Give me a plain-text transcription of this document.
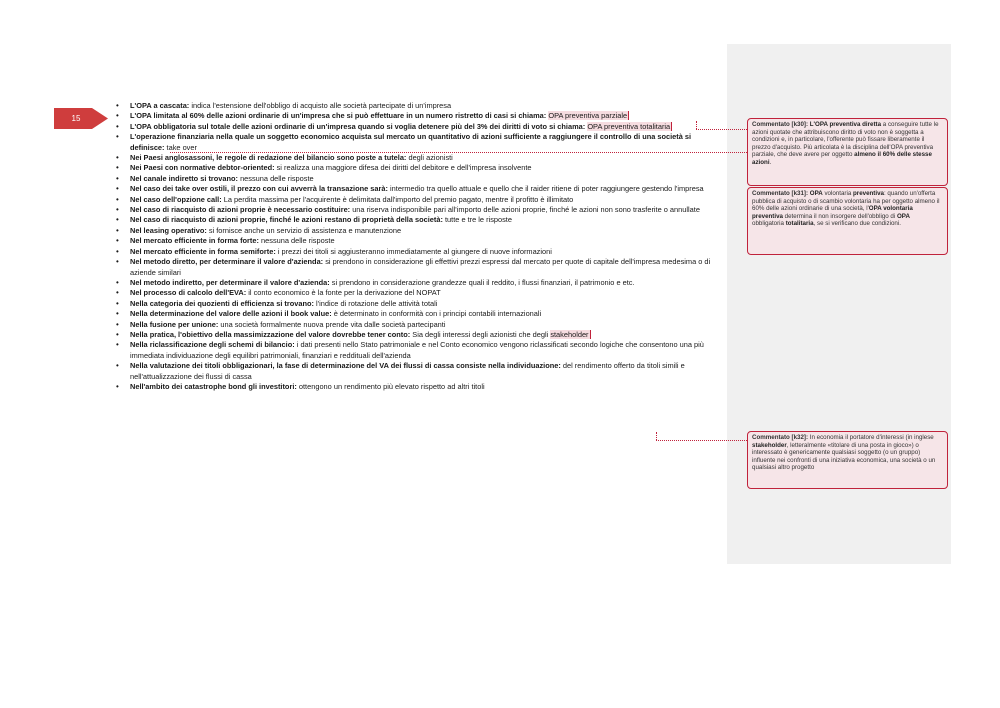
15
• L'OPA a cascata: indica l'estensione dell'obbligo di acquisto alle società partecipate di un'impresa
• L'OPA limitata al 60% delle azioni ordinarie di un'impresa che si può effettuare in un numero ristretto di casi si chiama: OPA preventiva parziale
• L'OPA obbligatoria sul totale delle azioni ordinarie di un'impresa quando si voglia detenere più del 3% dei diritti di voto si chiama: OPA preventiva totalitaria
• L'operazione finanziaria nella quale un soggetto economico acquista sul mercato un quantitativo di azioni sufficiente a raggiungere il controllo di una società si definisce: take over
• Nei Paesi anglosassoni, le regole di redazione del bilancio sono poste a tutela: degli azionisti
• Nei Paesi con normative debtor-oriented: si realizza una maggiore difesa dei diritti del debitore e dell'impresa insolvente
• Nel canale indiretto si trovano: nessuna delle risposte
• Nel caso dei take over ostili, il prezzo con cui avverrà la transazione sarà: intermedio tra quello attuale e quello che il raider ritiene di poter raggiungere gestendo l'impresa
• Nel caso dell'opzione call: La perdita massima per l'acquirente è delimitata dall'importo del premio pagato, mentre il profitto è illimitato
• Nel caso di riacquisto di azioni proprie è necessario costituire: una riserva indisponibile pari all'importo delle azioni proprie, finché le azioni non sono trasferite o annullate
• Nel caso di riacquisto di azioni proprie, finché le azioni restano di proprietà della società: tutte e tre le risposte
• Nel leasing operativo: si fornisce anche un servizio di assistenza e manutenzione
• Nel mercato efficiente in forma forte: nessuna delle risposte
• Nel mercato efficiente in forma semiforte: i prezzi dei titoli si aggiusteranno immediatamente al giungere di nuove informazioni
• Nel metodo diretto, per determinare il valore d'azienda: si prendono in considerazione gli effettivi prezzi espressi dal mercato per quote di capitale dell'impresa medesima o di aziende similari
• Nel metodo indiretto, per determinare il valore d'azienda: si prendono in considerazione grandezze quali il reddito, i flussi finanziari, il patrimonio e etc.
• Nel processo di calcolo dell'EVA: il conto economico è la fonte per la derivazione del NOPAT
• Nella categoria dei quozienti di efficienza si trovano: l'indice di rotazione delle attività totali
• Nella determinazione del valore delle azioni il book value: è determinato in conformità con i principi contabili internazionali
• Nella fusione per unione: una società formalmente nuova prende vita dalle società partecipanti
• Nella pratica, l'obiettivo della massimizzazione del valore dovrebbe tener conto: Sia degli interessi degli azionisti che degli stakeholder
• Nella riclassificazione degli schemi di bilancio: i dati presenti nello Stato patrimoniale e nel Conto economico vengono riclassificati secondo logiche che consentono una più immediata individuazione degli equilibri patrimoniali, finanziari e reddituali dell'azienda
• Nella valutazione dei titoli obbligazionari, la fase di determinazione del VA dei flussi di cassa consiste nella individuazione: del rendimento offerto da titoli simili e nell'attualizzazione dei flussi di cassa
• Nell'ambito dei catastrophe bond gli investitori: ottengono un rendimento più elevato rispetto ad altri titoli
Commentato [k30]: L'OPA preventiva diretta a conseguire tutte le azioni quotate che attribuiscono diritto di voto non è soggetta a condizioni e, in particolare, l'offerente può fissare liberamente il prezzo d'acquisto. Più articolata è la disciplina dell'OPA preventiva parziale, che deve avere per oggetto almeno il 60% delle stesse azioni.
Commentato [k31]: OPA volontaria preventiva: quando un'offerta pubblica di acquisto o di scambio volontaria ha per oggetto almeno il 60% delle azioni ordinarie di una società, l'OPA volontaria preventiva determina il non insorgere dell'obbligo di OPA obbligatoria totalitaria, se si verificano due condizioni.
Commentato [k32]: In economia il portatore d'interessi (in inglese stakeholder, letteralmente «titolare di una posta in gioco») o interessato è genericamente qualsiasi soggetto (o un gruppo) influente nei confronti di una iniziativa economica, una società o un qualsiasi altro progetto
